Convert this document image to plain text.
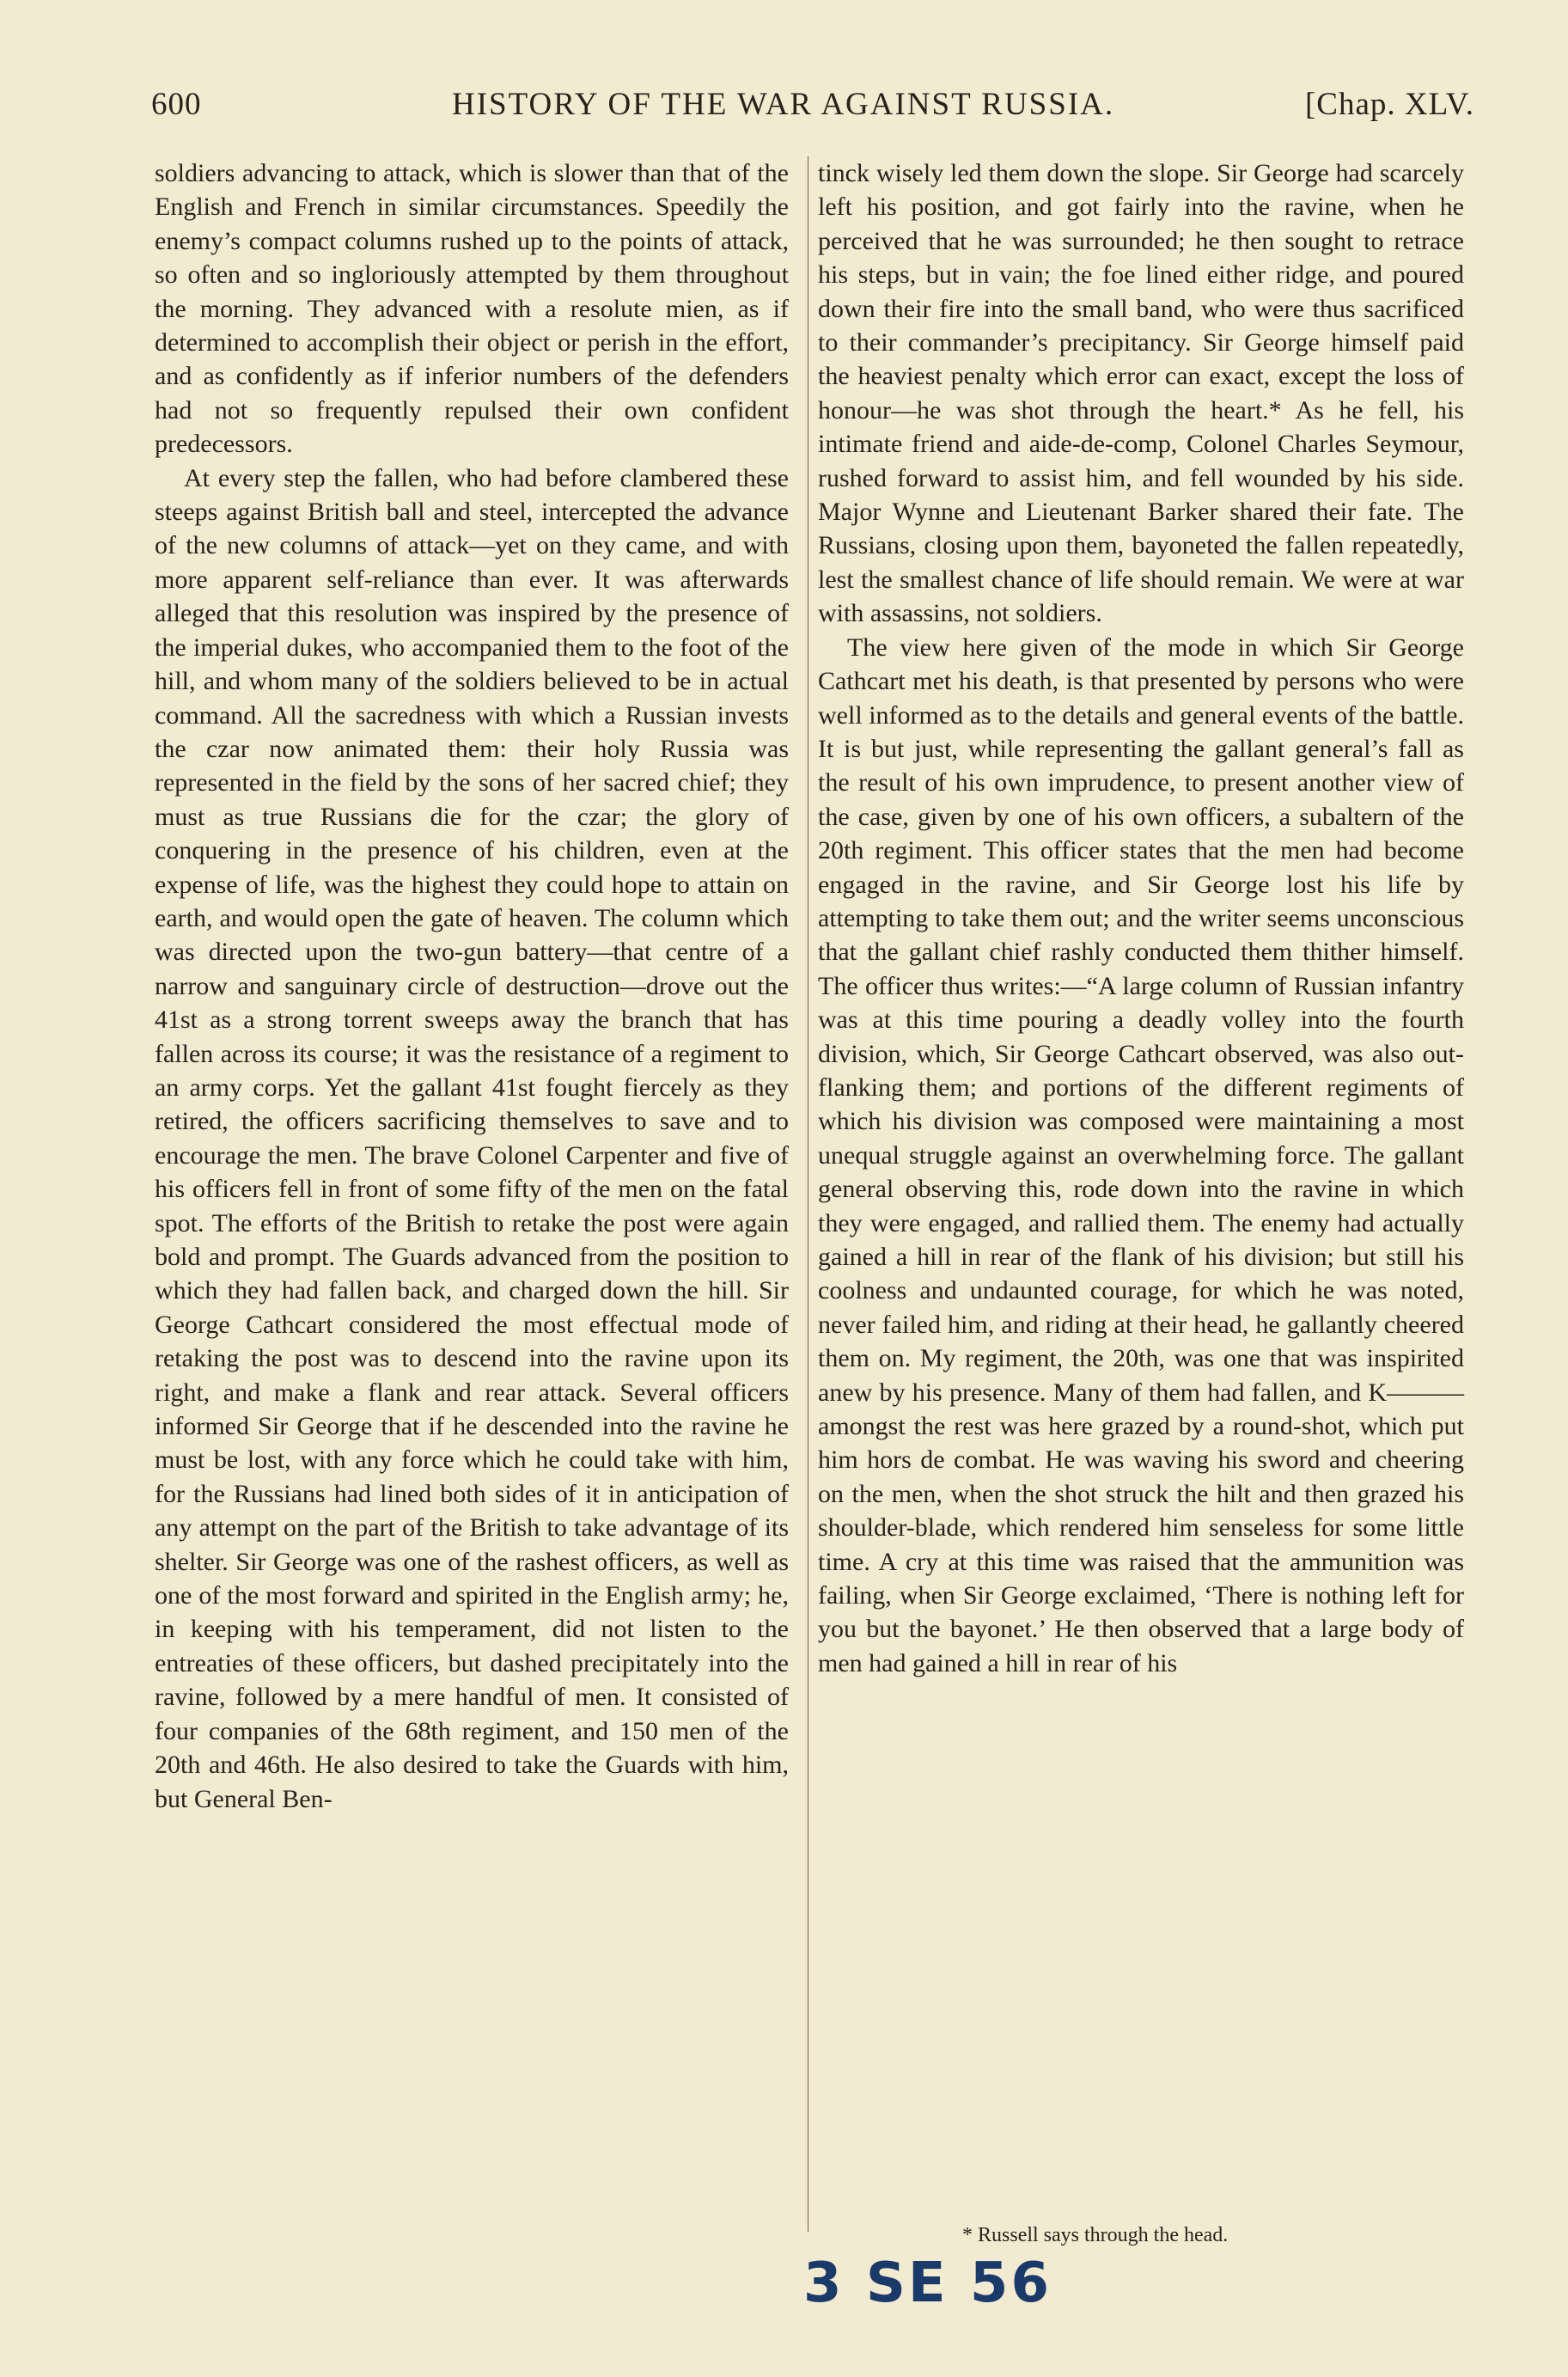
600	HISTORY OF THE WAR AGAINST RUSSIA.	[Chap. XLV.

soldiers advancing to attack, which is slower than that of the English and French in similar circumstances. Speedily the enemy’s compact columns rushed up to the points of attack, so often and so ingloriously attempted by them throughout the morning. They advanced with a resolute mien, as if determined to accomplish their object or perish in the effort, and as confidently as if inferior numbers of the defenders had not so frequently repulsed their own confident predecessors.

At every step the fallen, who had before clambered these steeps against British ball and steel, intercepted the advance of the new columns of attack—yet on they came, and with more apparent self-reliance than ever. It was afterwards alleged that this resolution was inspired by the presence of the imperial dukes, who accompanied them to the foot of the hill, and whom many of the soldiers believed to be in actual command. All the sacredness with which a Russian invests the czar now animated them: their holy Russia was represented in the field by the sons of her sacred chief; they must as true Russians die for the czar; the glory of conquering in the presence of his children, even at the expense of life, was the highest they could hope to attain on earth, and would open the gate of heaven. The column which was directed upon the two-gun battery—that centre of a narrow and sanguinary circle of destruction—drove out the 41st as a strong torrent sweeps away the branch that has fallen across its course; it was the resistance of a regiment to an army corps. Yet the gallant 41st fought fiercely as they retired, the officers sacrificing themselves to save and to encourage the men. The brave Colonel Carpenter and five of his officers fell in front of some fifty of the men on the fatal spot. The efforts of the British to retake the post were again bold and prompt. The Guards advanced from the position to which they had fallen back, and charged down the hill. Sir George Cathcart considered the most effectual mode of retaking the post was to descend into the ravine upon its right, and make a flank and rear attack. Several officers informed Sir George that if he descended into the ravine he must be lost, with any force which he could take with him, for the Russians had lined both sides of it in anticipation of any attempt on the part of the British to take advantage of its shelter. Sir George was one of the rashest officers, as well as one of the most forward and spirited in the English army; he, in keeping with his temperament, did not listen to the entreaties of these officers, but dashed precipitately into the ravine, followed by a mere handful of men. It consisted of four companies of the 68th regiment, and 150 men of the 20th and 46th. He also desired to take the Guards with him, but General Ben-

tinck wisely led them down the slope. Sir George had scarcely left his position, and got fairly into the ravine, when he perceived that he was surrounded; he then sought to retrace his steps, but in vain; the foe lined either ridge, and poured down their fire into the small band, who were thus sacrificed to their commander’s precipitancy. Sir George himself paid the heaviest penalty which error can exact, except the loss of honour—he was shot through the heart.* As he fell, his intimate friend and aide-de-comp, Colonel Charles Seymour, rushed forward to assist him, and fell wounded by his side. Major Wynne and Lieutenant Barker shared their fate. The Russians, closing upon them, bayoneted the fallen repeatedly, lest the smallest chance of life should remain. We were at war with assassins, not soldiers.

The view here given of the mode in which Sir George Cathcart met his death, is that presented by persons who were well informed as to the details and general events of the battle. It is but just, while representing the gallant general’s fall as the result of his own imprudence, to present another view of the case, given by one of his own officers, a subaltern of the 20th regiment. This officer states that the men had become engaged in the ravine, and Sir George lost his life by attempting to take them out; and the writer seems unconscious that the gallant chief rashly conducted them thither himself. The officer thus writes:—“A large column of Russian infantry was at this time pouring a deadly volley into the fourth division, which, Sir George Cathcart observed, was also out-flanking them; and portions of the different regiments of which his division was composed were maintaining a most unequal struggle against an overwhelming force. The gallant general observing this, rode down into the ravine in which they were engaged, and rallied them. The enemy had actually gained a hill in rear of the flank of his division; but still his coolness and undaunted courage, for which he was noted, never failed him, and riding at their head, he gallantly cheered them on. My regiment, the 20th, was one that was inspirited anew by his presence. Many of them had fallen, and K——— amongst the rest was here grazed by a round-shot, which put him hors de combat. He was waving his sword and cheering on the men, when the shot struck the hilt and then grazed his shoulder-blade, which rendered him senseless for some little time. A cry at this time was raised that the ammunition was failing, when Sir George exclaimed, ‘There is nothing left for you but the bayonet.’ He then observed that a large body of men had gained a hill in rear of his

* Russell says through the head.
3 SE 56
